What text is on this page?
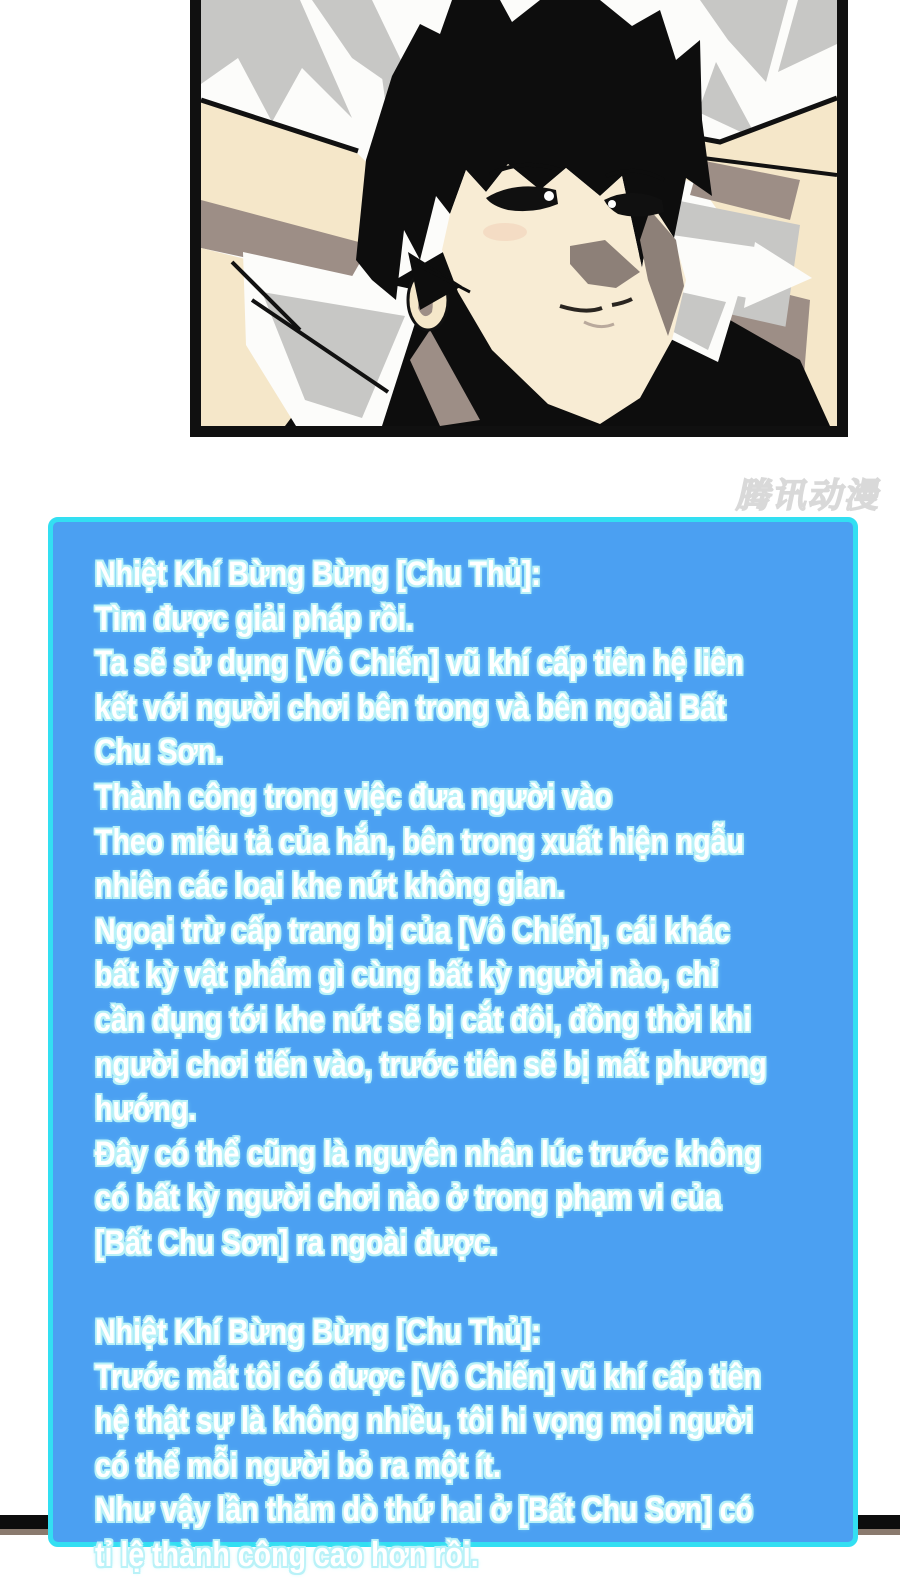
腾讯动漫
Nhiệt Khí Bừng Bừng [Chu Thủ]:
Tìm được giải pháp rồi.
Ta sẽ sử dụng [Vô Chiến] vũ khí cấp tiên hệ liên
kết với người chơi bên trong và bên ngoài Bất
Chu Sơn.
Thành công trong việc đưa người vào
Theo miêu tả của hắn, bên trong xuất hiện ngẫu
nhiên các loại khe nứt không gian.
Ngoại trừ cấp trang bị của [Vô Chiến], cái khác
bất kỳ vật phẩm gì cùng bất kỳ người nào, chỉ
cần đụng tới khe nứt sẽ bị cắt đôi, đồng thời khi
người chơi tiến vào, trước tiên sẽ bị mất phương
hướng.
Đây có thể cũng là nguyên nhân lúc trước không
có bất kỳ người chơi nào ở trong phạm vi của
[Bất Chu Sơn] ra ngoài được.
Nhiệt Khí Bừng Bừng [Chu Thủ]:
Trước mắt tôi có được [Vô Chiến] vũ khí cấp tiên
hệ thật sự là không nhiều, tôi hi vọng mọi người
có thể mỗi người bỏ ra một ít.
Như vậy lần thăm dò thứ hai ở [Bất Chu Sơn] có
tỉ lệ thành công cao hơn rồi.
